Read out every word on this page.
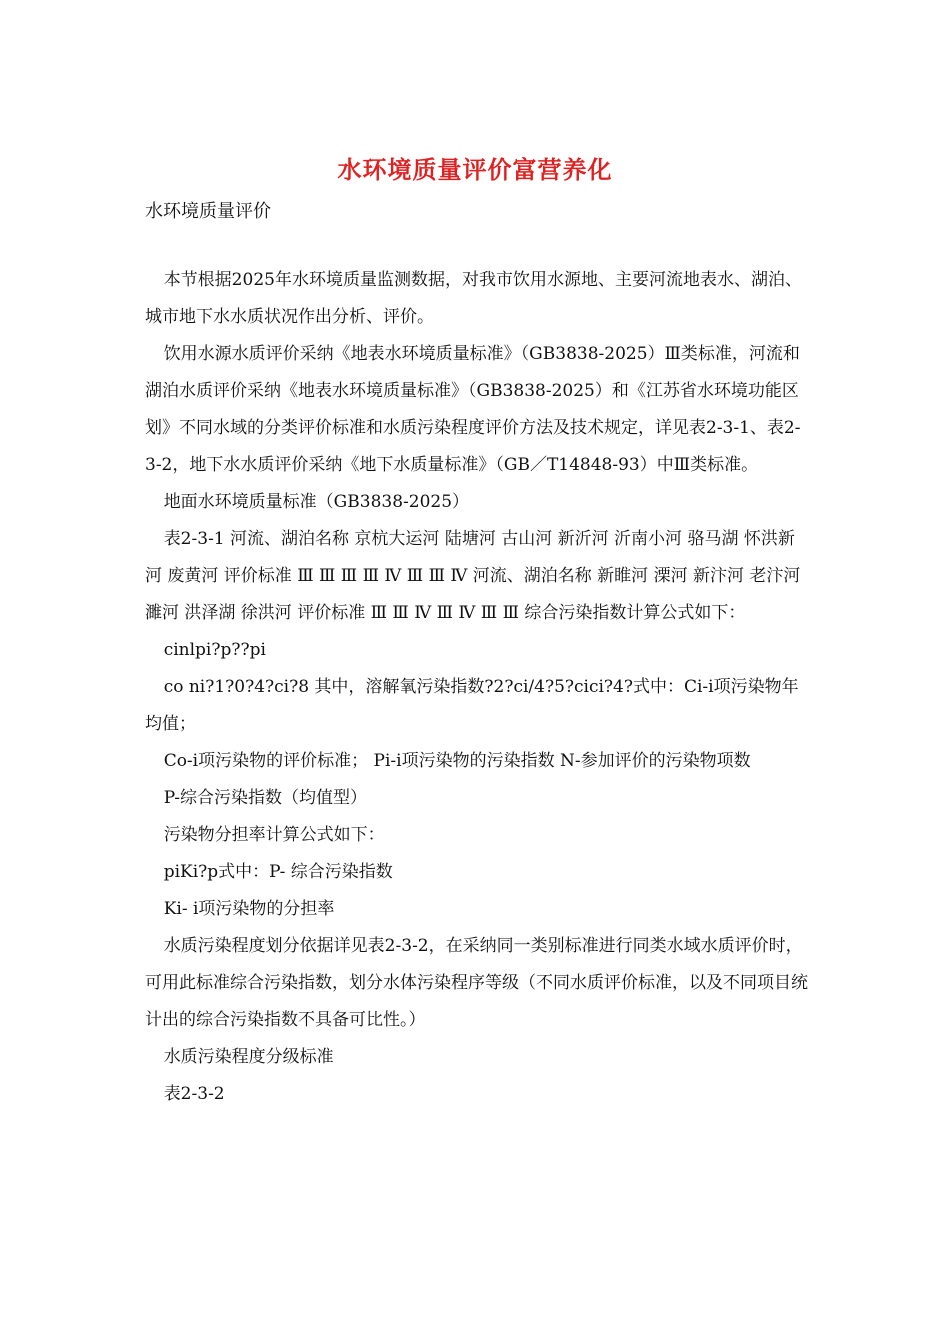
水环境质量评价富营养化
水环境质量评价

本节根据2025年水环境质量监测数据，对我市饮用水源地、主要河流地表水、湖泊、城市地下水水质状况作出分析、评价。

饮用水源水质评价采纳《地表水环境质量标准》（GB3838-2025）Ⅲ类标准，河流和湖泊水质评价采纳《地表水环境质量标准》（GB3838-2025）和《江苏省水环境功能区划》不同水域的分类评价标准和水质污染程度评价方法及技术规定，详见表2-3-1、表2-3-2，地下水水质评价采纳《地下水质量标准》（GB／T14848-93）中Ⅲ类标准。

地面水环境质量标准（GB3838-2025）

表2-3-1 河流、湖泊名称 京杭大运河 陆塘河 古山河 新沂河 沂南小河 骆马湖 怀洪新河 废黄河 评价标准 Ⅲ Ⅲ Ⅲ Ⅲ Ⅳ Ⅲ Ⅲ Ⅳ 河流、湖泊名称 新睢河 溧河 新汴河 老汴河 濉河 洪泽湖 徐洪河 评价标准 Ⅲ Ⅲ Ⅳ Ⅲ Ⅳ Ⅲ Ⅲ 综合污染指数计算公式如下：

cinlpi?p??pi

co ni?1?0?4?ci?8 其中，溶解氧污染指数?2?ci/4?5?cici?4?式中：Ci-i项污染物年均值；

Co-i项污染物的评价标准； Pi-i项污染物的污染指数 N-参加评价的污染物项数

P-综合污染指数（均值型）

污染物分担率计算公式如下：

piKi?p式中：P- 综合污染指数

Ki- i项污染物的分担率

水质污染程度划分依据详见表2-3-2，在采纳同一类别标准进行同类水域水质评价时，可用此标准综合污染指数，划分水体污染程序等级（不同水质评价标准，以及不同项目统计出的综合污染指数不具备可比性。）

水质污染程度分级标准

表2-3-2
